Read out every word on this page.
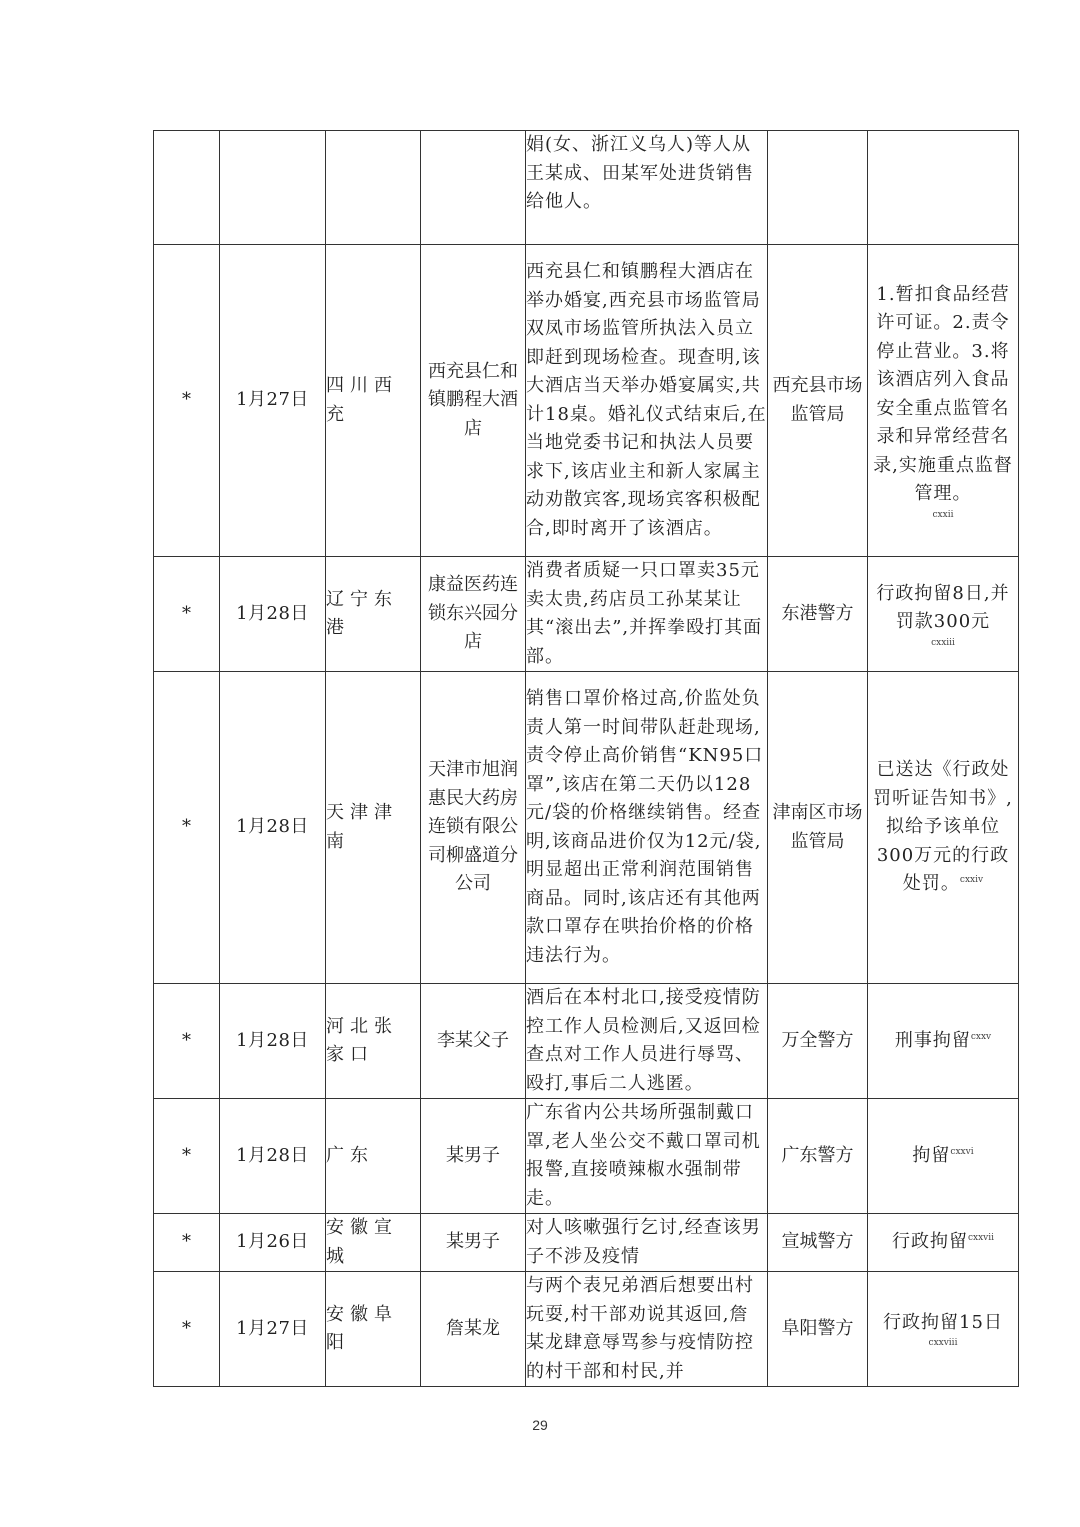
				娟(女、浙江义乌人)等人从王某成、田某军处进货销售给他人。		
*	1月27日	四川西充	西充县仁和镇鹏程大酒店	西充县仁和镇鹏程大酒店在举办婚宴,西充县市场监管局双凤市场监管所执法入员立即赶到现场检查。现查明,该大酒店当天举办婚宴属实,共计18桌。婚礼仪式结束后,在当地党委书记和执法人员要求下,该店业主和新人家属主动劝散宾客,现场宾客积极配合,即时离开了该酒店。	西充县市场监管局	1.暂扣食品经营许可证。2.责令停止营业。3.将该酒店列入食品安全重点监管名录和异常经营名录,实施重点监督管理。
cxxii

*	1月28日	辽宁东港	康益医药连锁东兴园分店	消费者质疑一只口罩卖35元卖太贵,药店员工孙某某让其“滚出去”,并挥拳殴打其面部。	东港警方	行政拘留8日,并罚款300元
cxxiii

*	1月28日	天津津南	天津市旭润惠民大药房连锁有限公司柳盛道分公司	销售口罩价格过高,价监处负责人第一时间带队赶赴现场,责令停止高价销售“KN95口罩”,该店在第二天仍以128元/袋的价格继续销售。经查明,该商品进价仅为12元/袋,明显超出正常利润范围销售商品。同时,该店还有其他两款口罩存在哄抬价格的价格违法行为。	津南区市场监管局	已送达《行政处罚听证告知书》,拟给予该单位300万元的行政处罚。$^{cxxiv}$
*	1月28日	河北张家口	李某父子	酒后在本村北口,接受疫情防控工作人员检测后,又返回检查点对工作人员进行辱骂、殴打,事后二人逃匿。	万全警方	刑事拘留$^{cxxv}$
*	1月28日	广东	某男子	广东省内公共场所强制戴口罩,老人坐公交不戴口罩司机报警,直接喷辣椒水强制带走。	广东警方	拘留$^{cxxvi}$
*	1月26日	安徽宣城	某男子	对人咳嗽强行乞讨,经查该男子不涉及疫情	宣城警方	行政拘留$^{cxxvii}$
*	1月27日	安徽阜阳	詹某龙	与两个表兄弟酒后想要出村玩耍,村干部劝说其返回,詹某龙肆意辱骂参与疫情防控的村干部和村民,并	阜阳警方	行政拘留15日
cxxviii
29
